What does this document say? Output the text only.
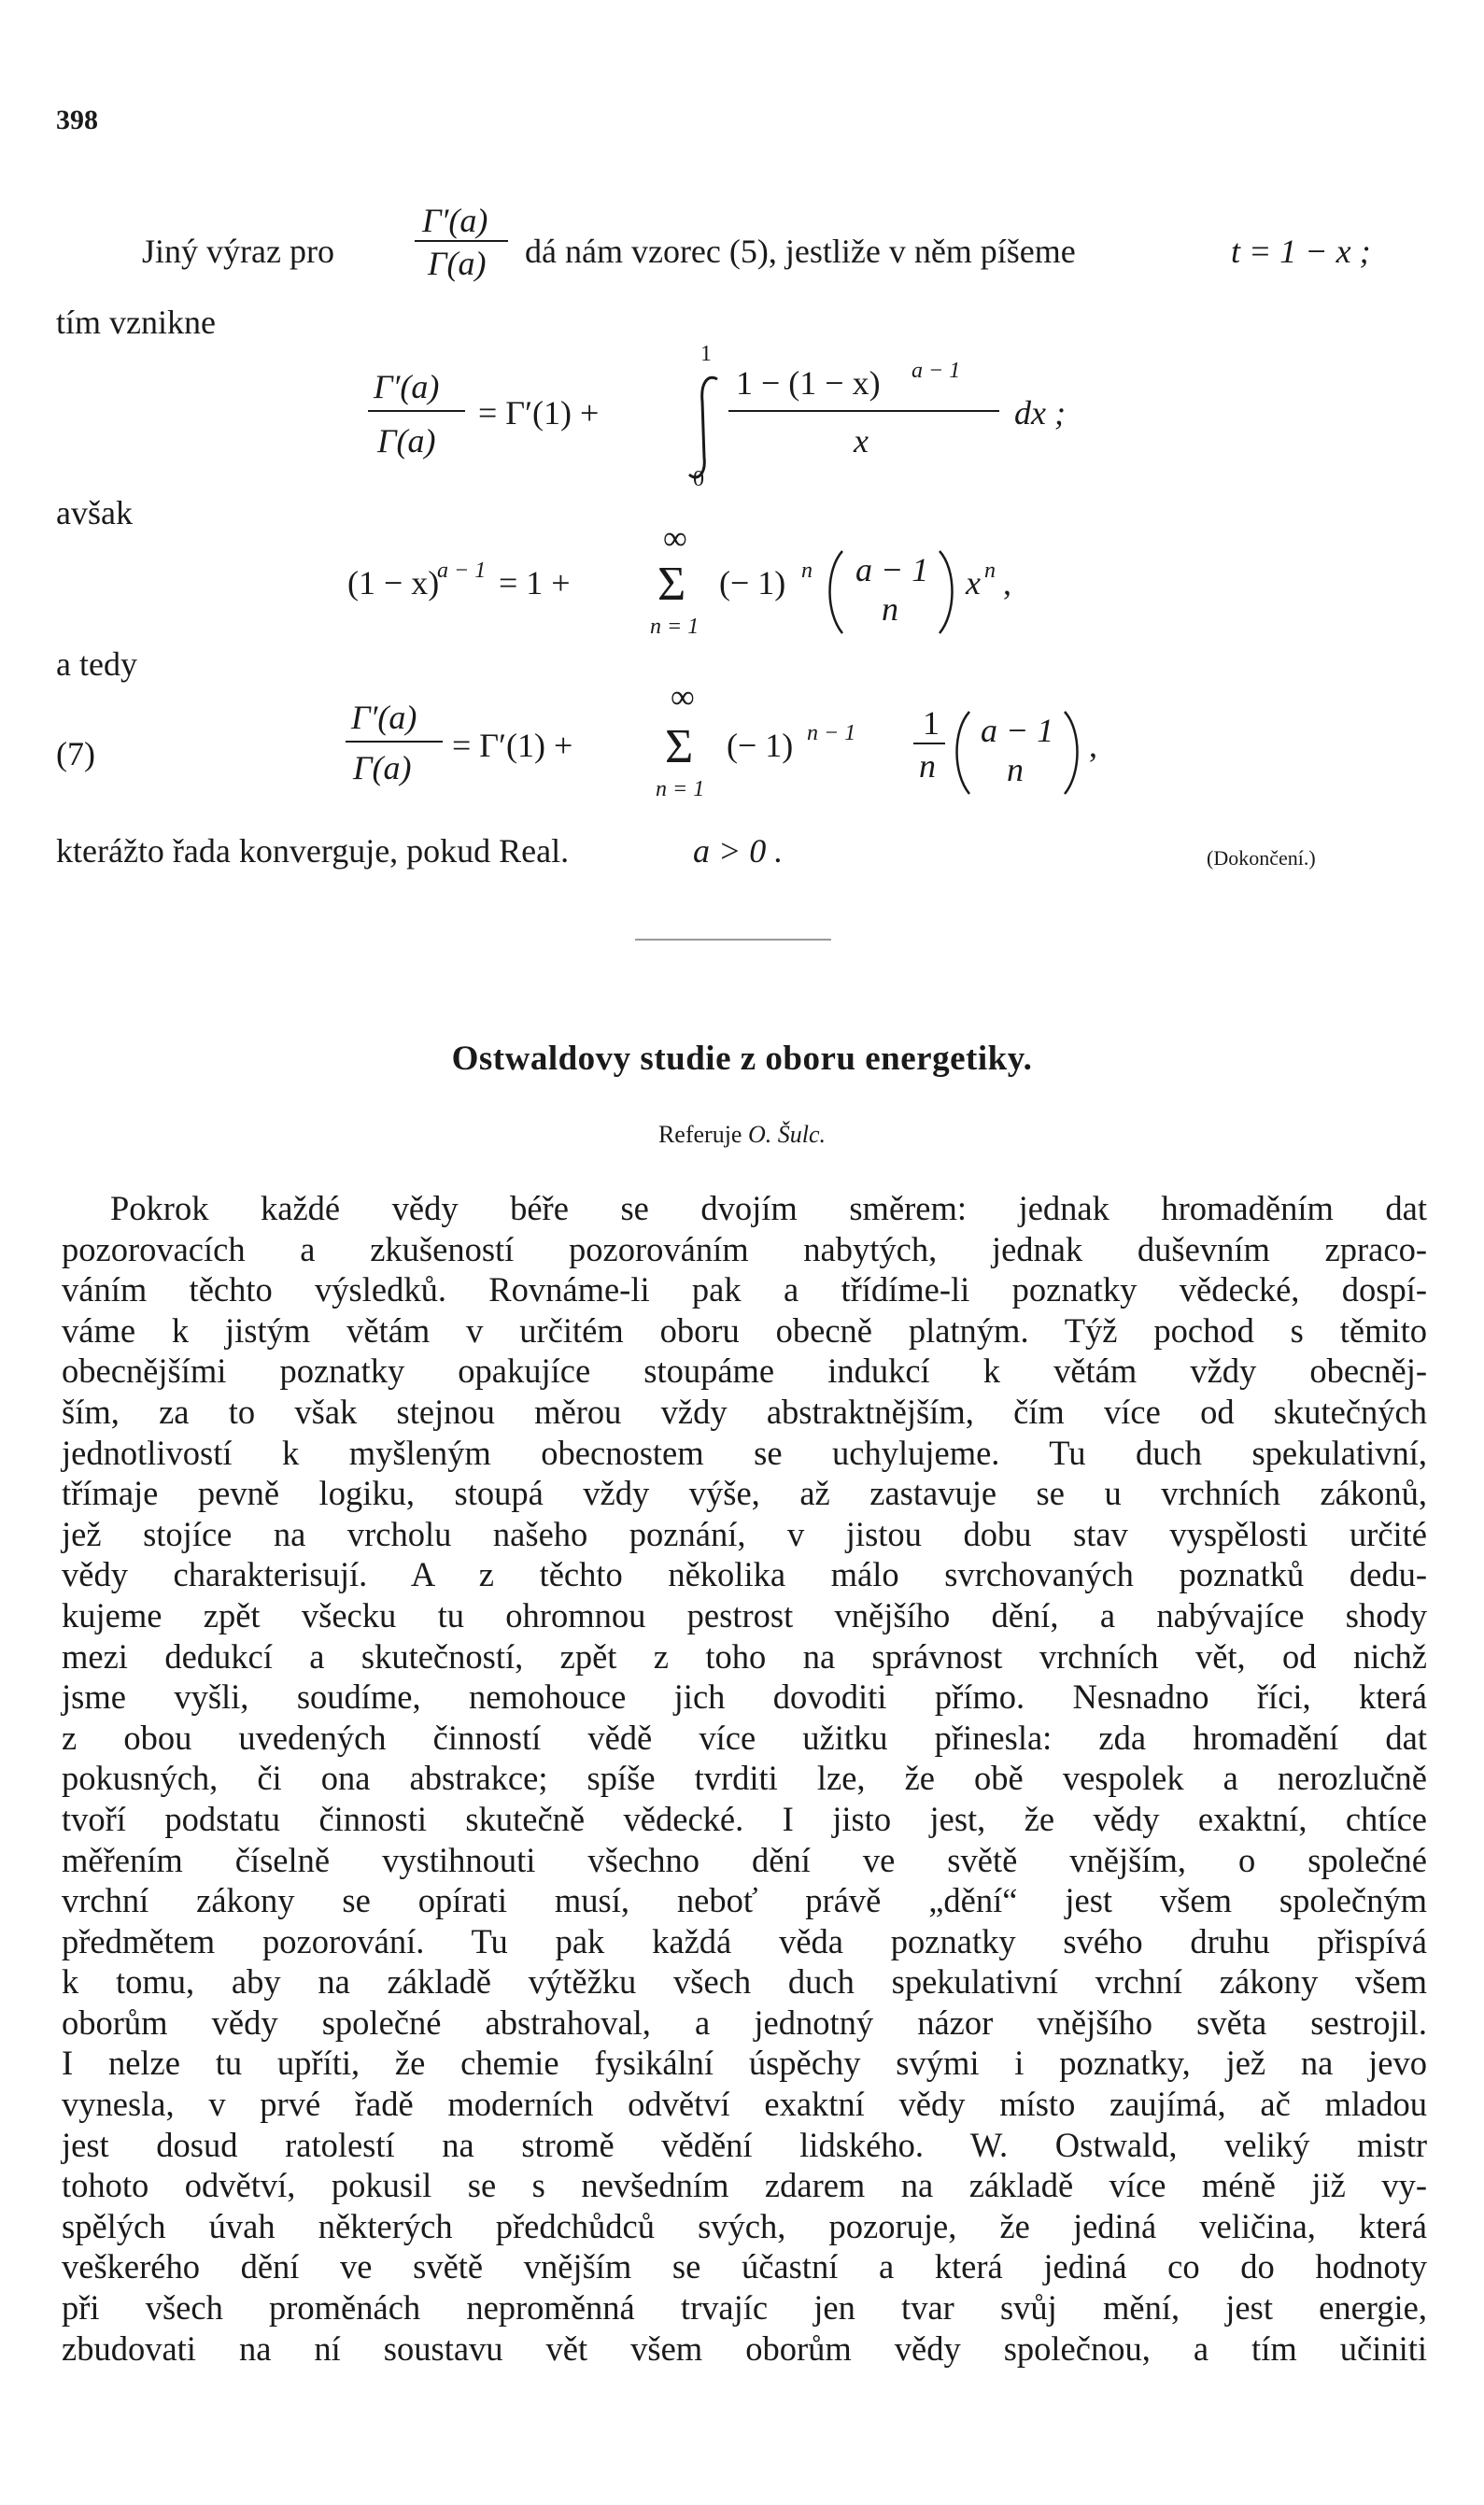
398
Jiný výraz pro
Γ′(a)
Γ(a) dá nám vzorec (5), jestliže v něm píšeme	t = 1 − x ;
tím vznikne
Γ′(a)
Γ(a)
= Γ′(1) +
1
0
1 − (1 − x) a − 1
x
dx ;
avšak
(1 − x)
a − 1 = 1 +
∞
Σ
n = 1
(− 1) n a − 1
n
x n ,
a tedy
(7)
Γ′(a)
Γ(a)
= Γ′(1) +
∞
Σ
n = 1
(− 1) n − 1 1
n
a − 1
n
,
kterážto řada konverguje, pokud Real.	a > 0 .	(Dokončení.)
Ostwaldovy studie z oboru energetiky.
Referuje O. Šulc.
Pokrok každé vědy béře se dvojím směrem: jednak hromaděním dat
pozorovacích a zkušeností pozorováním nabytých, jednak duševním zpraco-
váním těchto výsledků. Rovnáme-li pak a třídíme-li poznatky vědecké, dospí-
váme k jistým větám v určitém oboru obecně platným. Týž pochod s těmito
obecnějšími poznatky opakujíce stoupáme indukcí k větám vždy obecněj-
ším, za to však stejnou měrou vždy abstraktnějším, čím více od skutečných
jednotlivostí k myšleným obecnostem se uchylujeme. Tu duch spekulativní,
třímaje pevně logiku, stoupá vždy výše, až zastavuje se u vrchních zákonů,
jež stojíce na vrcholu našeho poznání, v jistou dobu stav vyspělosti určité
vědy charakterisují. A z těchto několika málo svrchovaných poznatků dedu-
kujeme zpět všecku tu ohromnou pestrost vnějšího dění, a nabývajíce shody
mezi dedukcí a skutečností, zpět z toho na správnost vrchních vět, od nichž
jsme vyšli, soudíme, nemohouce jich dovoditi přímo. Nesnadno říci, která
z obou uvedených činností vědě více užitku přinesla: zda hromadění dat
pokusných, či ona abstrakce; spíše tvrditi lze, že obě vespolek a nerozlučně
tvoří podstatu činnosti skutečně vědecké. I jisto jest, že vědy exaktní, chtíce
měřením číselně vystihnouti všechno dění ve světě vnějším, o společné
vrchní zákony se opírati musí, neboť právě „dění“ jest všem společným
předmětem pozorování. Tu pak každá věda poznatky svého druhu přispívá
k tomu, aby na základě výtěžku všech duch spekulativní vrchní zákony všem
oborům vědy společné abstrahoval, a jednotný názor vnějšího světa sestrojil.
I nelze tu upříti, že chemie fysikální úspěchy svými i poznatky, jež na jevo
vynesla, v prvé řadě moderních odvětví exaktní vědy místo zaujímá, ač mladou
jest dosud ratolestí na stromě vědění lidského. W. Ostwald, veliký mistr
tohoto odvětví, pokusil se s nevšedním zdarem na základě více méně již vy-
spělých úvah některých předchůdců svých, pozoruje, že jediná veličina, která
veškerého dění ve světě vnějším se účastní a která jediná co do hodnoty
při všech proměnách neproměnná trvajíc jen tvar svůj mění, jest energie,
zbudovati na ní soustavu vět všem oborům vědy společnou, a tím učiniti
